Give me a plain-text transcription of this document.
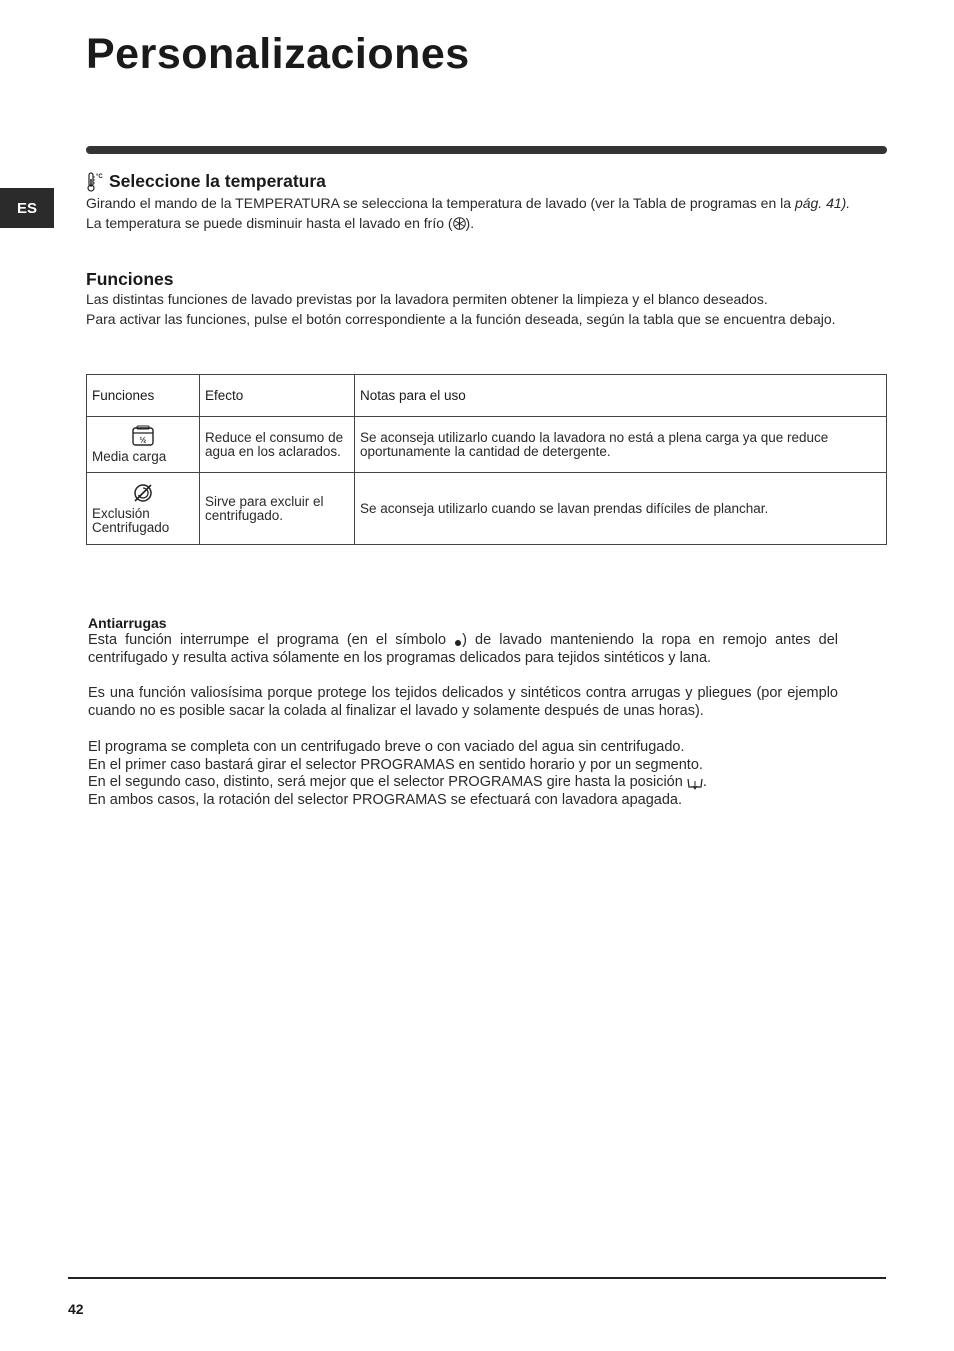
Personalizaciones
ES
°C Seleccione la temperatura

Girando el mando de la TEMPERATURA se selecciona la temperatura de lavado (ver la Tabla de programas en la pág. 41).

La temperatura se puede disminuir hasta el lavado en frío ( ).

Funciones

Las distintas funciones de lavado previstas por la lavadora permiten obtener la limpieza y el blanco deseados.

Para activar las funciones, pulse el botón correspondiente a la función deseada, según la tabla que se encuentra debajo.

Funciones	Efecto	Notas para el uso

½
Media carga	Reduce el consumo de agua en los aclarados.	Se aconseja utilizarlo cuando la lavadora no está a plena carga ya que reduce oportunamente la cantidad de detergente.

Exclusión
Centrifugado	Sirve para excluir el centrifugado.	Se aconseja utilizarlo cuando se lavan prendas difíciles de planchar.
Antiarrugas

Esta función interrumpe el programa (en el símbolo ) de lavado manteniendo la ropa en remojo antes del centrifugado y resulta activa sólamente en los programas delicados para tejidos sintéticos y lana.

Es una función valiosísima porque protege los tejidos delicados y sintéticos contra arrugas y pliegues (por ejemplo cuando no es posible sacar la colada al finalizar el lavado y solamente después de unas horas).

El programa se completa con un centrifugado breve o con vaciado del agua sin centrifugado.
En el primer caso bastará girar el selector PROGRAMAS en sentido horario y por un segmento.
En el segundo caso, distinto, será mejor que el selector PROGRAMAS gire hasta la posición .
En ambos casos, la rotación del selector PROGRAMAS se efectuará con lavadora apagada.

42
